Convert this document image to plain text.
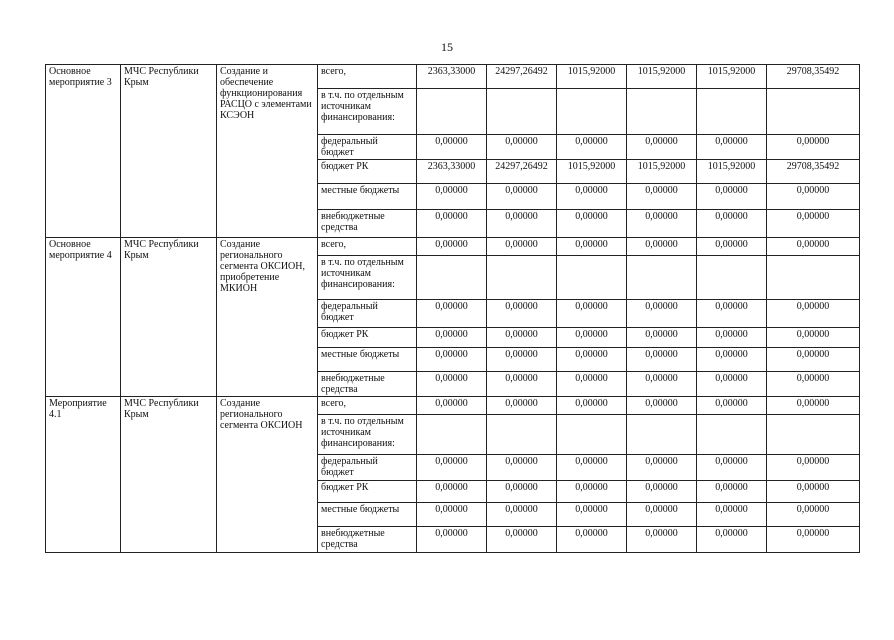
15
Основное мероприятие 3	МЧС Республики Крым	Создание и обеспечение функционирования РАСЦО с элементами КСЭОН	всего,	2363,33000	24297,26492	1015,92000	1015,92000	1015,92000	29708,35492
			в т.ч. по отдельным источникам финансирования:						
			федеральный бюджет	0,00000	0,00000	0,00000	0,00000	0,00000	0,00000
			бюджет РК	2363,33000	24297,26492	1015,92000	1015,92000	1015,92000	29708,35492
			местные бюджеты	0,00000	0,00000	0,00000	0,00000	0,00000	0,00000
			внебюджетные средства	0,00000	0,00000	0,00000	0,00000	0,00000	0,00000
Основное мероприятие 4	МЧС Республики Крым	Создание регионального сегмента ОКСИОН, приобретение МКИОН	всего,	0,00000	0,00000	0,00000	0,00000	0,00000	0,00000
			в т.ч. по отдельным источникам финансирования:						
			федеральный бюджет	0,00000	0,00000	0,00000	0,00000	0,00000	0,00000
			бюджет РК	0,00000	0,00000	0,00000	0,00000	0,00000	0,00000
			местные бюджеты	0,00000	0,00000	0,00000	0,00000	0,00000	0,00000
			внебюджетные средства	0,00000	0,00000	0,00000	0,00000	0,00000	0,00000
Мероприятие 4.1	МЧС Республики Крым	Создание регионального сегмента ОКСИОН	всего,	0,00000	0,00000	0,00000	0,00000	0,00000	0,00000
			в т.ч. по отдельным источникам финансирования:						
			федеральный бюджет	0,00000	0,00000	0,00000	0,00000	0,00000	0,00000
			бюджет РК	0,00000	0,00000	0,00000	0,00000	0,00000	0,00000
			местные бюджеты	0,00000	0,00000	0,00000	0,00000	0,00000	0,00000
			внебюджетные средства	0,00000	0,00000	0,00000	0,00000	0,00000	0,00000
